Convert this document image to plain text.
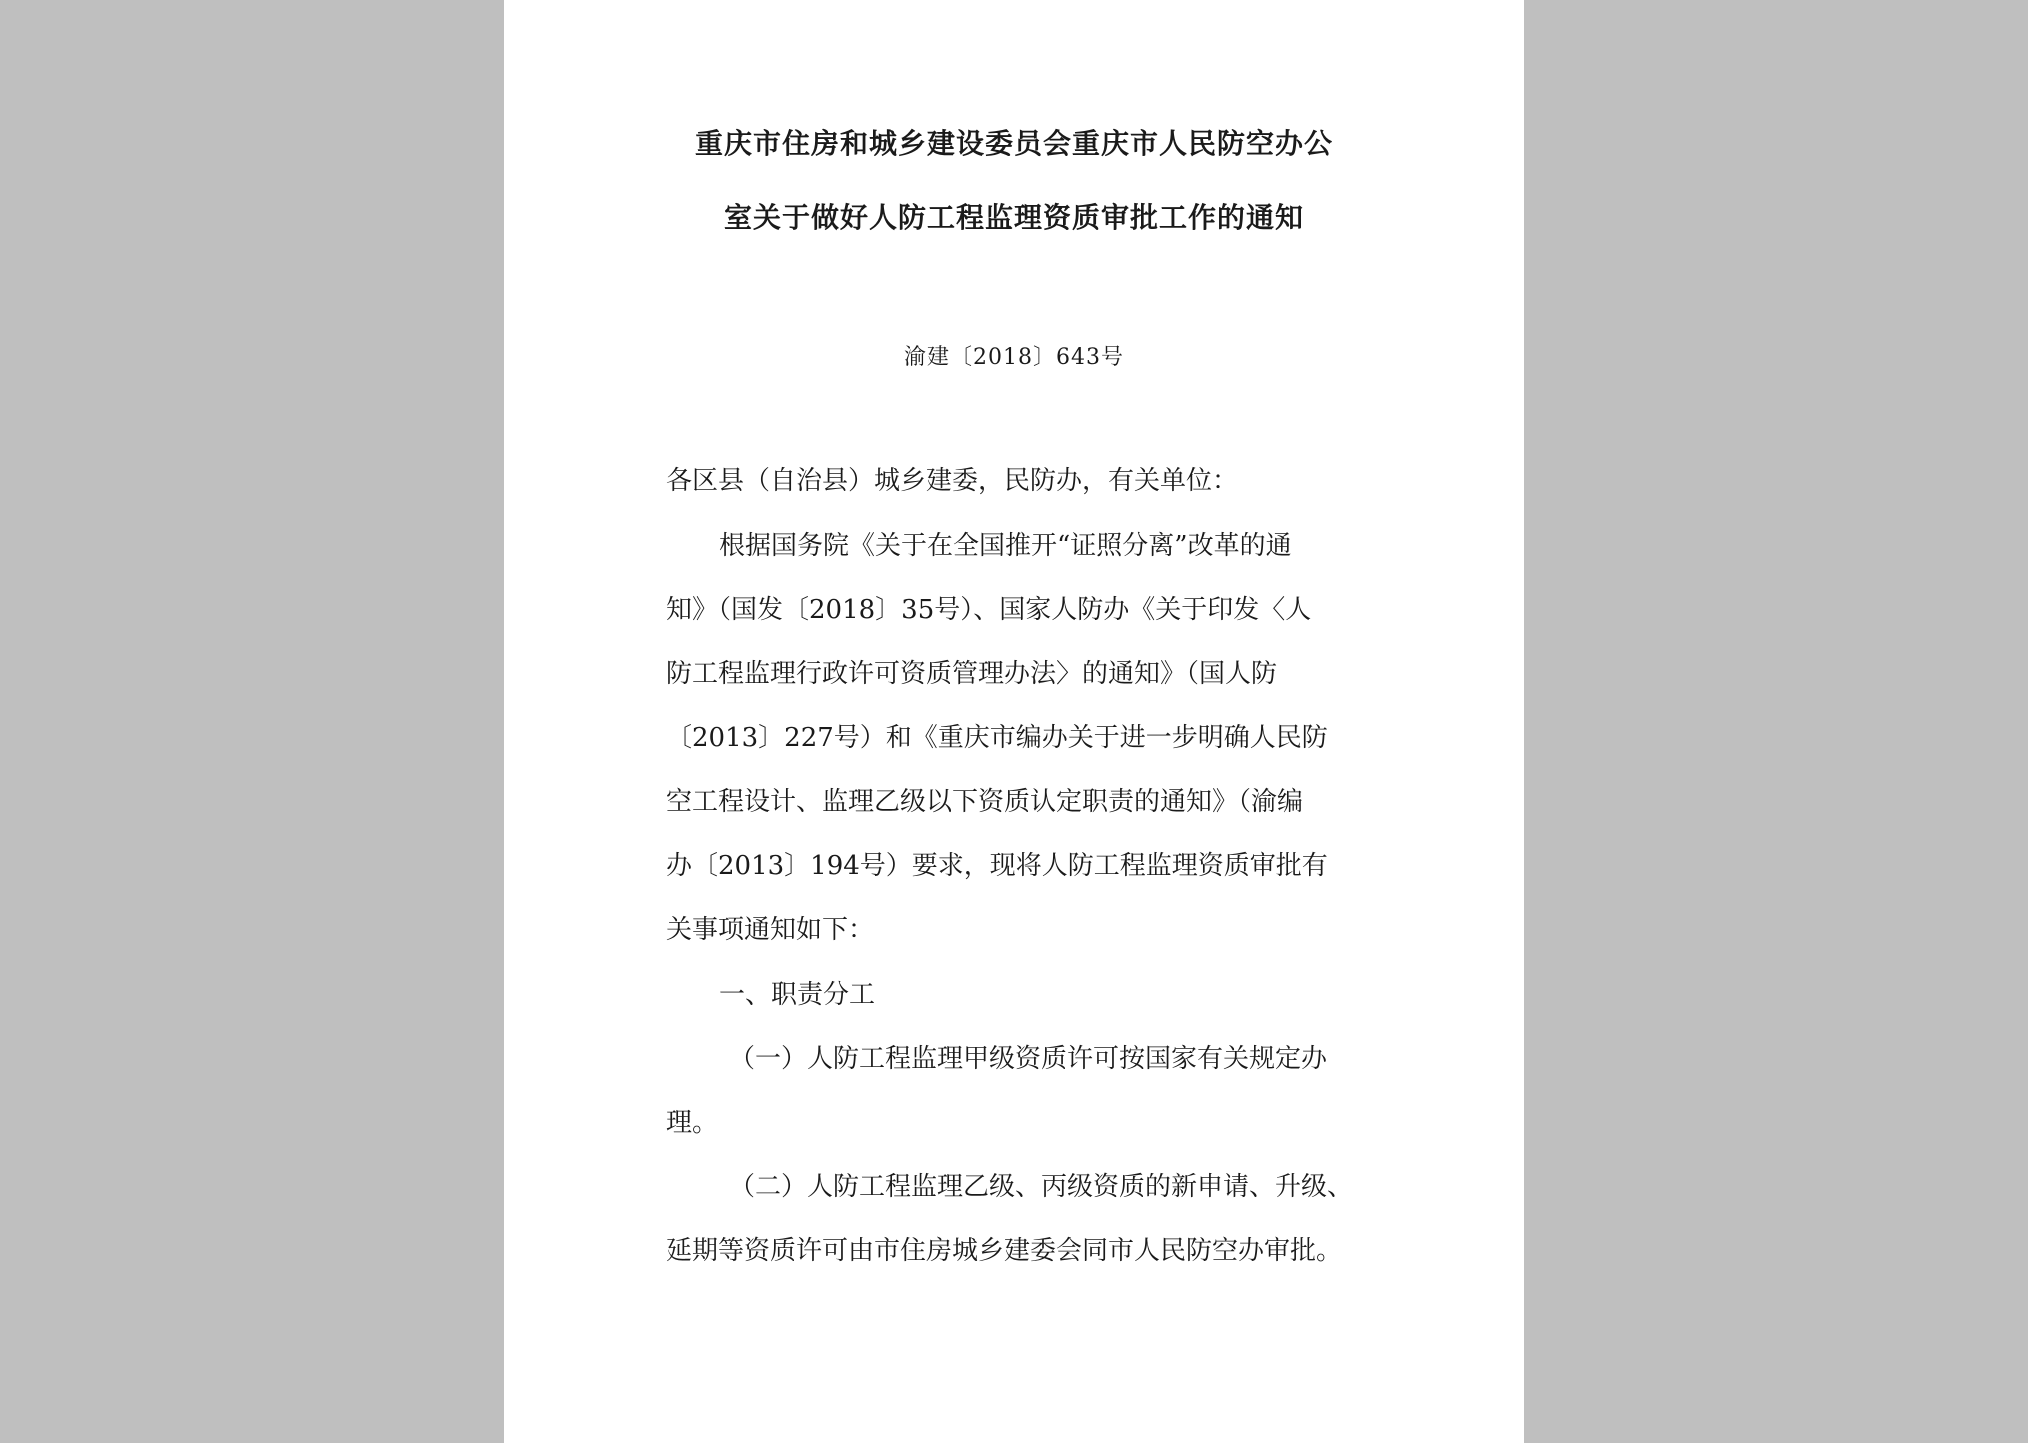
重庆市住房和城乡建设委员会重庆市人民防空办公
室关于做好人防工程监理资质审批工作的通知
渝建〔2018〕643号
各区县（自治县）城乡建委，民防办，有关单位：
根据国务院《关于在全国推开“证照分离”改革的通
知》（国发〔2018〕35号）、国家人防办《关于印发〈人
防工程监理行政许可资质管理办法〉的通知》（国人防
〔2013〕227号）和《重庆市编办关于进一步明确人民防
空工程设计、监理乙级以下资质认定职责的通知》（渝编
办〔2013〕194号）要求，现将人防工程监理资质审批有
关事项通知如下：
一、职责分工
（一）人防工程监理甲级资质许可按国家有关规定办
理。
（二）人防工程监理乙级、丙级资质的新申请、升级、
延期等资质许可由市住房城乡建委会同市人民防空办审批。
